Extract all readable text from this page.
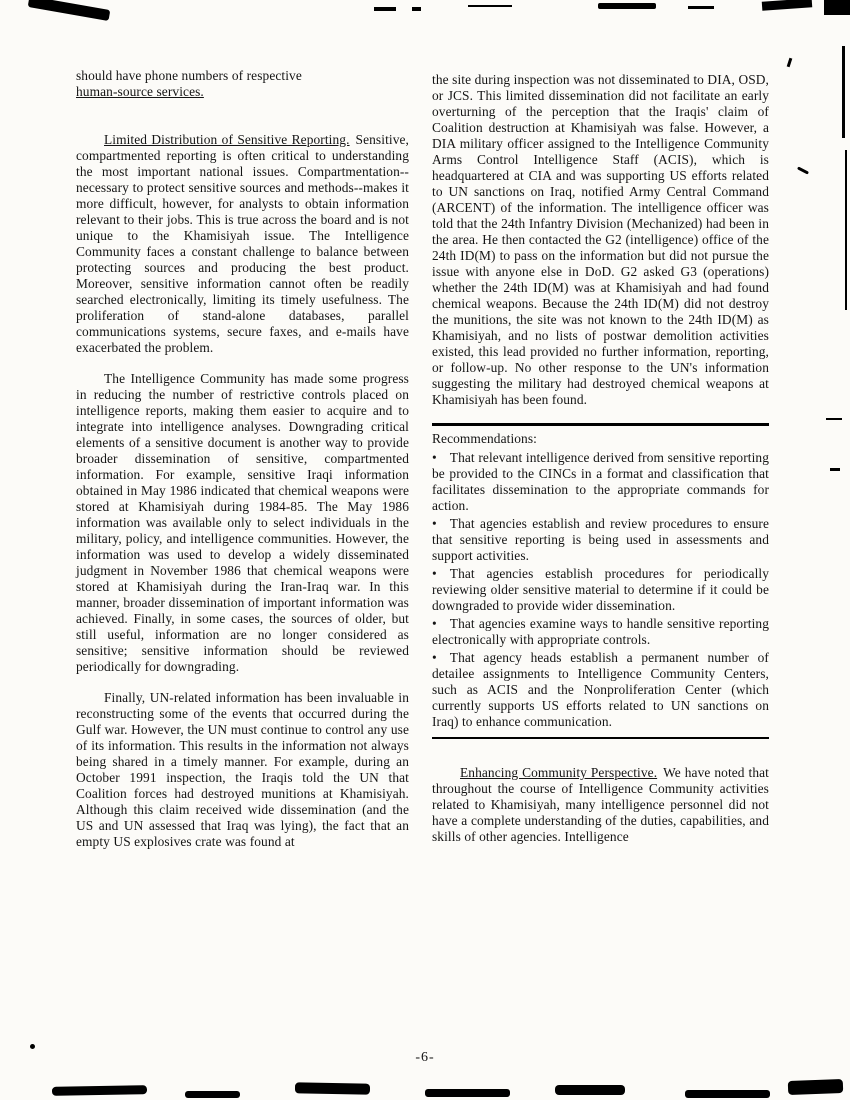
should have phone numbers of respective
human-source services.

Limited Distribution of Sensitive Reporting. Sensitive, compartmented reporting is often critical to understanding the most important national issues. Compartmentation--necessary to protect sensitive sources and methods--makes it more difficult, however, for analysts to obtain information relevant to their jobs. This is true across the board and is not unique to the Khamisiyah issue. The Intelligence Community faces a constant challenge to balance between protecting sources and producing the best product. Moreover, sensitive information cannot often be readily searched electronically, limiting its timely usefulness. The proliferation of stand-alone databases, parallel communications systems, secure faxes, and e-mails have exacerbated the problem.

The Intelligence Community has made some progress in reducing the number of restrictive controls placed on intelligence reports, making them easier to acquire and to integrate into intelligence analyses. Downgrading critical elements of a sensitive document is another way to provide broader dissemination of sensitive, compartmented information. For example, sensitive Iraqi information obtained in May 1986 indicated that chemical weapons were stored at Khamisiyah during 1984-85. The May 1986 information was available only to select individuals in the military, policy, and intelligence communities. However, the information was used to develop a widely disseminated judgment in November 1986 that chemical weapons were stored at Khamisiyah during the Iran-Iraq war. In this manner, broader dissemination of important information was achieved. Finally, in some cases, the sources of older, but still useful, information are no longer considered as sensitive; sensitive information should be reviewed periodically for downgrading.

Finally, UN-related information has been invaluable in reconstructing some of the events that occurred during the Gulf war. However, the UN must continue to control any use of its information. This results in the information not always being shared in a timely manner. For example, during an October 1991 inspection, the Iraqis told the UN that Coalition forces had destroyed munitions at Khamisiyah. Although this claim received wide dissemination (and the US and UN assessed that Iraq was lying), the fact that an empty US explosives crate was found at

the site during inspection was not disseminated to DIA, OSD, or JCS. This limited dissemination did not facilitate an early overturning of the perception that the Iraqis' claim of Coalition destruction at Khamisiyah was false. However, a DIA military officer assigned to the Intelligence Community Arms Control Intelligence Staff (ACIS), which is headquartered at CIA and was supporting US efforts related to UN sanctions on Iraq, notified Army Central Command (ARCENT) of the information. The intelligence officer was told that the 24th Infantry Division (Mechanized) had been in the area. He then contacted the G2 (intelligence) office of the 24th ID(M) to pass on the information but did not pursue the issue with anyone else in DoD. G2 asked G3 (operations) whether the 24th ID(M) was at Khamisiyah and had found chemical weapons. Because the 24th ID(M) did not destroy the munitions, the site was not known to the 24th ID(M) as Khamisiyah, and no lists of postwar demolition activities existed, this lead provided no further information, reporting, or follow-up. No other response to the UN's information suggesting the military had destroyed chemical weapons at Khamisiyah has been found.

Recommendations:

• That relevant intelligence derived from sensitive reporting be provided to the CINCs in a format and classification that facilitates dissemination to the appropriate commands for action.

• That agencies establish and review procedures to ensure that sensitive reporting is being used in assessments and support activities.

• That agencies establish procedures for periodically reviewing older sensitive material to determine if it could be downgraded to provide wider dissemination.

• That agencies examine ways to handle sensitive reporting electronically with appropriate controls.

• That agency heads establish a permanent number of detailee assignments to Intelligence Community Centers, such as ACIS and the Nonproliferation Center (which currently supports US efforts related to UN sanctions on Iraq) to enhance communication.

Enhancing Community Perspective. We have noted that throughout the course of Intelligence Community activities related to Khamisiyah, many intelligence personnel did not have a complete understanding of the duties, capabilities, and skills of other agencies. Intelligence

-6-
